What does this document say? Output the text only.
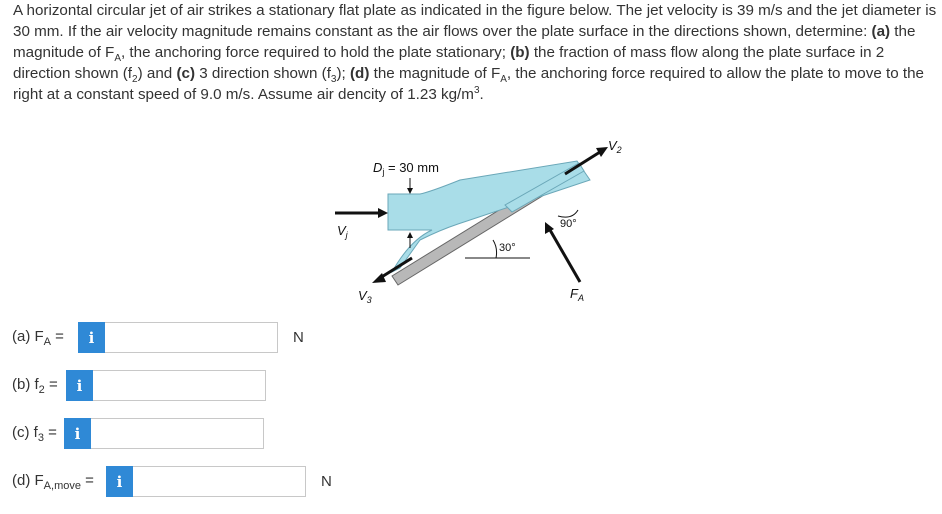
A horizontal circular jet of air strikes a stationary flat plate as indicated in the figure below. The jet velocity is 39 m/s and the jet diameter is 30 mm. If the air velocity magnitude remains constant as the air flows over the plate surface in the directions shown, determine: (a) the magnitude of $F_A$, the anchoring force required to hold the plate stationary; (b) the fraction of mass flow along the plate surface in 2 direction shown $(f_2)$ and (c) 3 direction shown $(f_3)$; (d) the magnitude of $F_A$, the anchoring force required to allow the plate to move to the right at a constant speed of 9.0 m/s. Assume air dencity of 1.23 $kg/m^3$.
$D_j = 30$ mm
$V_j$
$V_2$
$V_3$	$F_A$
30°
90°
(a) $F_A$ =	i	N
(b) $f_2$ =	i
(c) $f_3$ =	i
(d) $F_{A,move}$ =	i	N
